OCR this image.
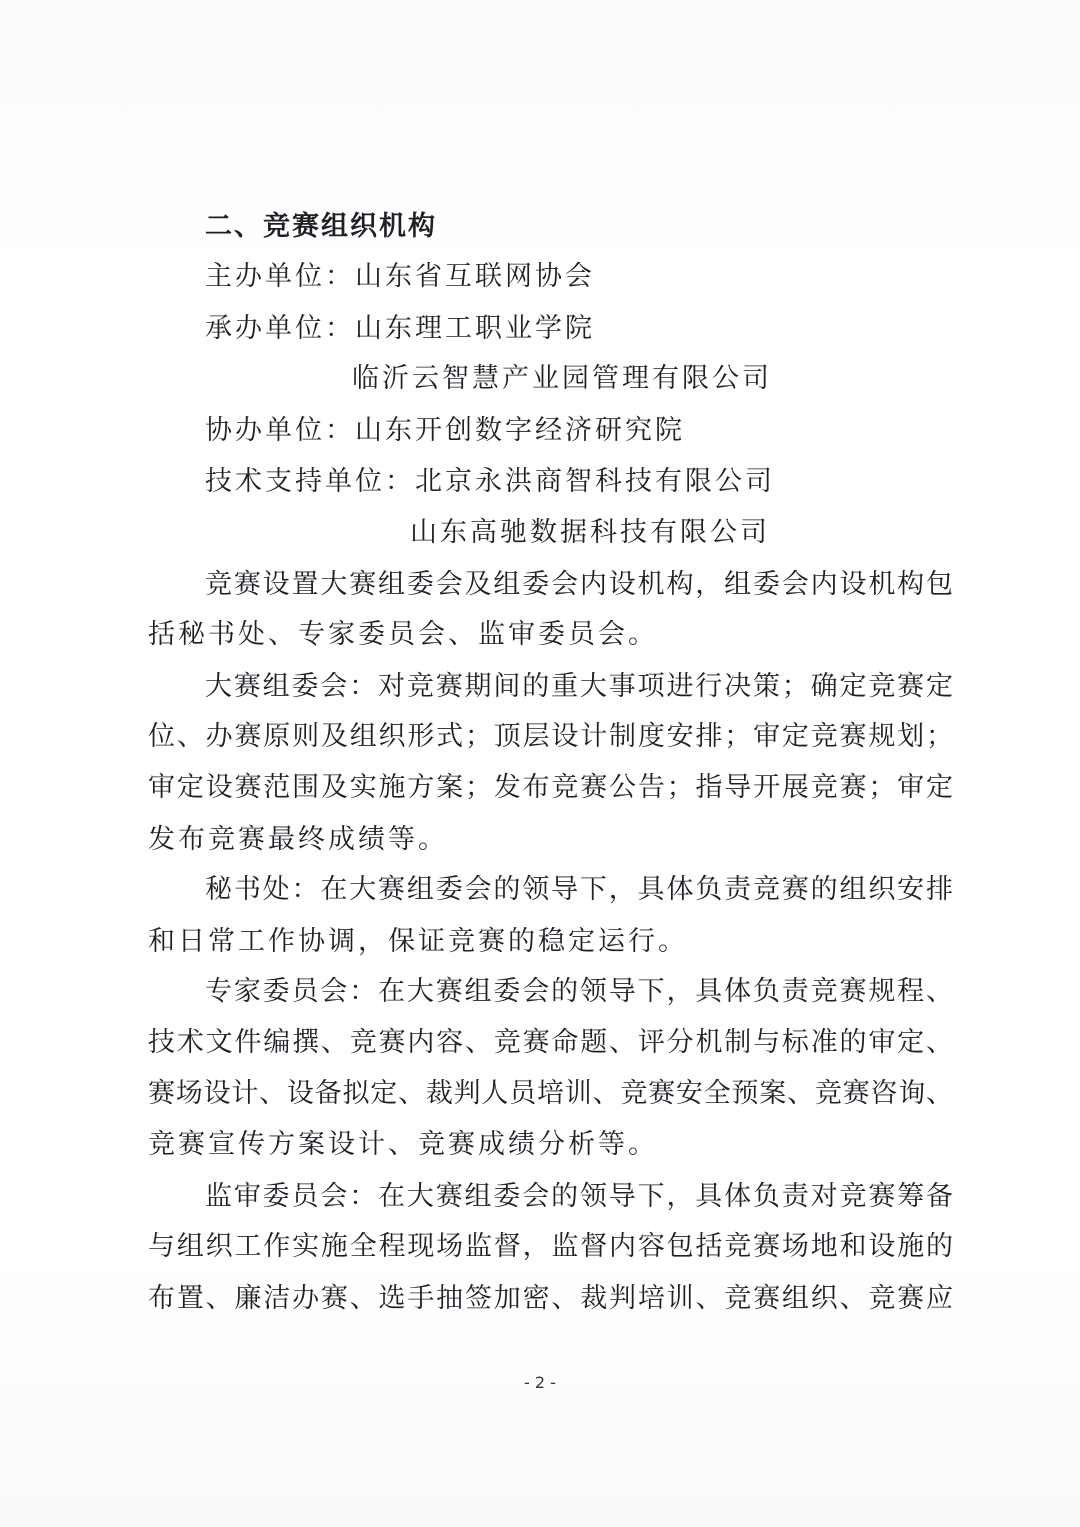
二、竞赛组织机构
主办单位：山东省互联网协会
承办单位：山东理工职业学院
临沂云智慧产业园管理有限公司
协办单位：山东开创数字经济研究院
技术支持单位：北京永洪商智科技有限公司
山东高驰数据科技有限公司
竞赛设置大赛组委会及组委会内设机构，组委会内设机构包
括秘书处、专家委员会、监审委员会。
大赛组委会：对竞赛期间的重大事项进行决策；确定竞赛定
位、办赛原则及组织形式；顶层设计制度安排；审定竞赛规划；
审定设赛范围及实施方案；发布竞赛公告；指导开展竞赛；审定
发布竞赛最终成绩等。
秘书处：在大赛组委会的领导下，具体负责竞赛的组织安排
和日常工作协调，保证竞赛的稳定运行。
专家委员会：在大赛组委会的领导下，具体负责竞赛规程、
技术文件编撰、竞赛内容、竞赛命题、评分机制与标准的审定、
赛场设计、设备拟定、裁判人员培训、竞赛安全预案、竞赛咨询、
竞赛宣传方案设计、竞赛成绩分析等。
监审委员会：在大赛组委会的领导下，具体负责对竞赛筹备
与组织工作实施全程现场监督，监督内容包括竞赛场地和设施的
布置、廉洁办赛、选手抽签加密、裁判培训、竞赛组织、竞赛应
- 2 -
